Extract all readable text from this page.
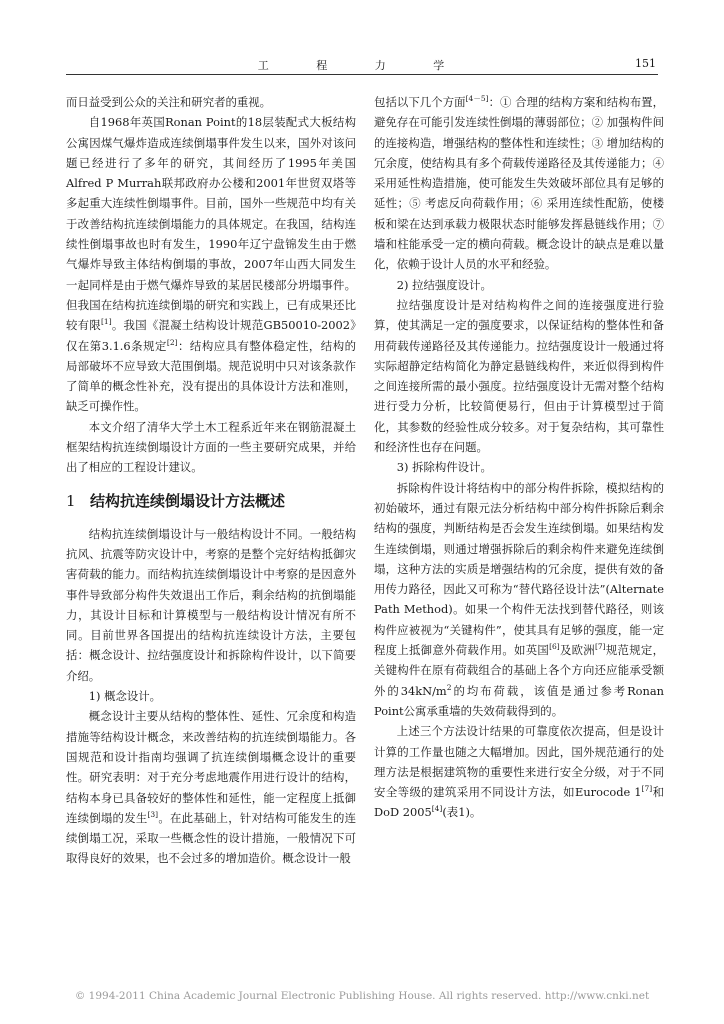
工 程 力 学	151

而日益受到公众的关注和研究者的重视。

自1968年英国Ronan Point的18层装配式大板结构公寓因煤气爆炸造成连续倒塌事件发生以来，国外对该问题已经进行了多年的研究，其间经历了1995年美国Alfred P Murrah联邦政府办公楼和2001年世贸双塔等多起重大连续性倒塌事件。目前，国外一些规范中均有关于改善结构抗连续倒塌能力的具体规定。在我国，结构连续性倒塌事故也时有发生，1990年辽宁盘锦发生由于燃气爆炸导致主体结构倒塌的事故，2007年山西大同发生一起同样是由于燃气爆炸导致的某居民楼部分坍塌事件。但我国在结构抗连续倒塌的研究和实践上，已有成果还比较有限[1]。我国《混凝土结构设计规范GB50010-2002》仅在第3.1.6条规定[2]：结构应具有整体稳定性，结构的局部破坏不应导致大范围倒塌。规范说明中只对该条款作了简单的概念性补充，没有提出的具体设计方法和准则，缺乏可操作性。

本文介绍了清华大学土木工程系近年来在钢筋混凝土框架结构抗连续倒塌设计方面的一些主要研究成果，并给出了相应的工程设计建议。

1 结构抗连续倒塌设计方法概述

结构抗连续倒塌设计与一般结构设计不同。一般结构抗风、抗震等防灾设计中，考察的是整个完好结构抵御灾害荷载的能力。而结构抗连续倒塌设计中考察的是因意外事件导致部分构件失效退出工作后，剩余结构的抗倒塌能力，其设计目标和计算模型与一般结构设计情况有所不同。目前世界各国提出的结构抗连续设计方法，主要包括：概念设计、拉结强度设计和拆除构件设计，以下简要介绍。

1) 概念设计。

概念设计主要从结构的整体性、延性、冗余度和构造措施等结构设计概念，来改善结构的抗连续倒塌能力。各国规范和设计指南均强调了抗连续倒塌概念设计的重要性。研究表明：对于充分考虑地震作用进行设计的结构，结构本身已具备较好的整体性和延性，能一定程度上抵御连续倒塌的发生[3]。在此基础上，针对结构可能发生的连续倒塌工况，采取一些概念性的设计措施，一般情况下可取得良好的效果，也不会过多的增加造价。概念设计一般

包括以下几个方面[4－5]：① 合理的结构方案和结构布置，避免存在可能引发连续性倒塌的薄弱部位；② 加强构件间的连接构造，增强结构的整体性和连续性；③ 增加结构的冗余度，使结构具有多个荷载传递路径及其传递能力；④ 采用延性构造措施，使可能发生失效破坏部位具有足够的延性；⑤ 考虑反向荷载作用；⑥ 采用连续性配筋，使楼板和梁在达到承载力极限状态时能够发挥悬链线作用；⑦ 墙和柱能承受一定的横向荷载。概念设计的缺点是难以量化，依赖于设计人员的水平和经验。

2) 拉结强度设计。

拉结强度设计是对结构构件之间的连接强度进行验算，使其满足一定的强度要求，以保证结构的整体性和备用荷载传递路径及其传递能力。拉结强度设计一般通过将实际超静定结构简化为静定悬链线构件，来近似得到构件之间连接所需的最小强度。拉结强度设计无需对整个结构进行受力分析，比较简便易行，但由于计算模型过于简化，其参数的经验性成分较多。对于复杂结构，其可靠性和经济性也存在问题。

3) 拆除构件设计。

拆除构件设计将结构中的部分构件拆除，模拟结构的初始破坏，通过有限元法分析结构中部分构件拆除后剩余结构的强度，判断结构是否会发生连续倒塌。如果结构发生连续倒塌，则通过增强拆除后的剩余构件来避免连续倒塌，这种方法的实质是增强结构的冗余度，提供有效的备用传力路径，因此又可称为“替代路径设计法”(Alternate Path Method)。如果一个构件无法找到替代路径，则该构件应被视为“关键构件”，使其具有足够的强度，能一定程度上抵御意外荷载作用。如英国[6]及欧洲[7]规范规定，关键构件在原有荷载组合的基础上各个方向还应能承受额外的$34kN/m^2$的均布荷载，该值是通过参考Ronan Point公寓承重墙的失效荷载得到的。

上述三个方法设计结果的可靠度依次提高，但是设计计算的工作量也随之大幅增加。因此，国外规范通行的处理方法是根据建筑物的重要性来进行安全分级，对于不同安全等级的建筑采用不同设计方法，如Eurocode 1[7]和DoD 2005[4](表1)。

© 1994-2011 China Academic Journal Electronic Publishing House. All rights reserved. http://www.cnki.net
